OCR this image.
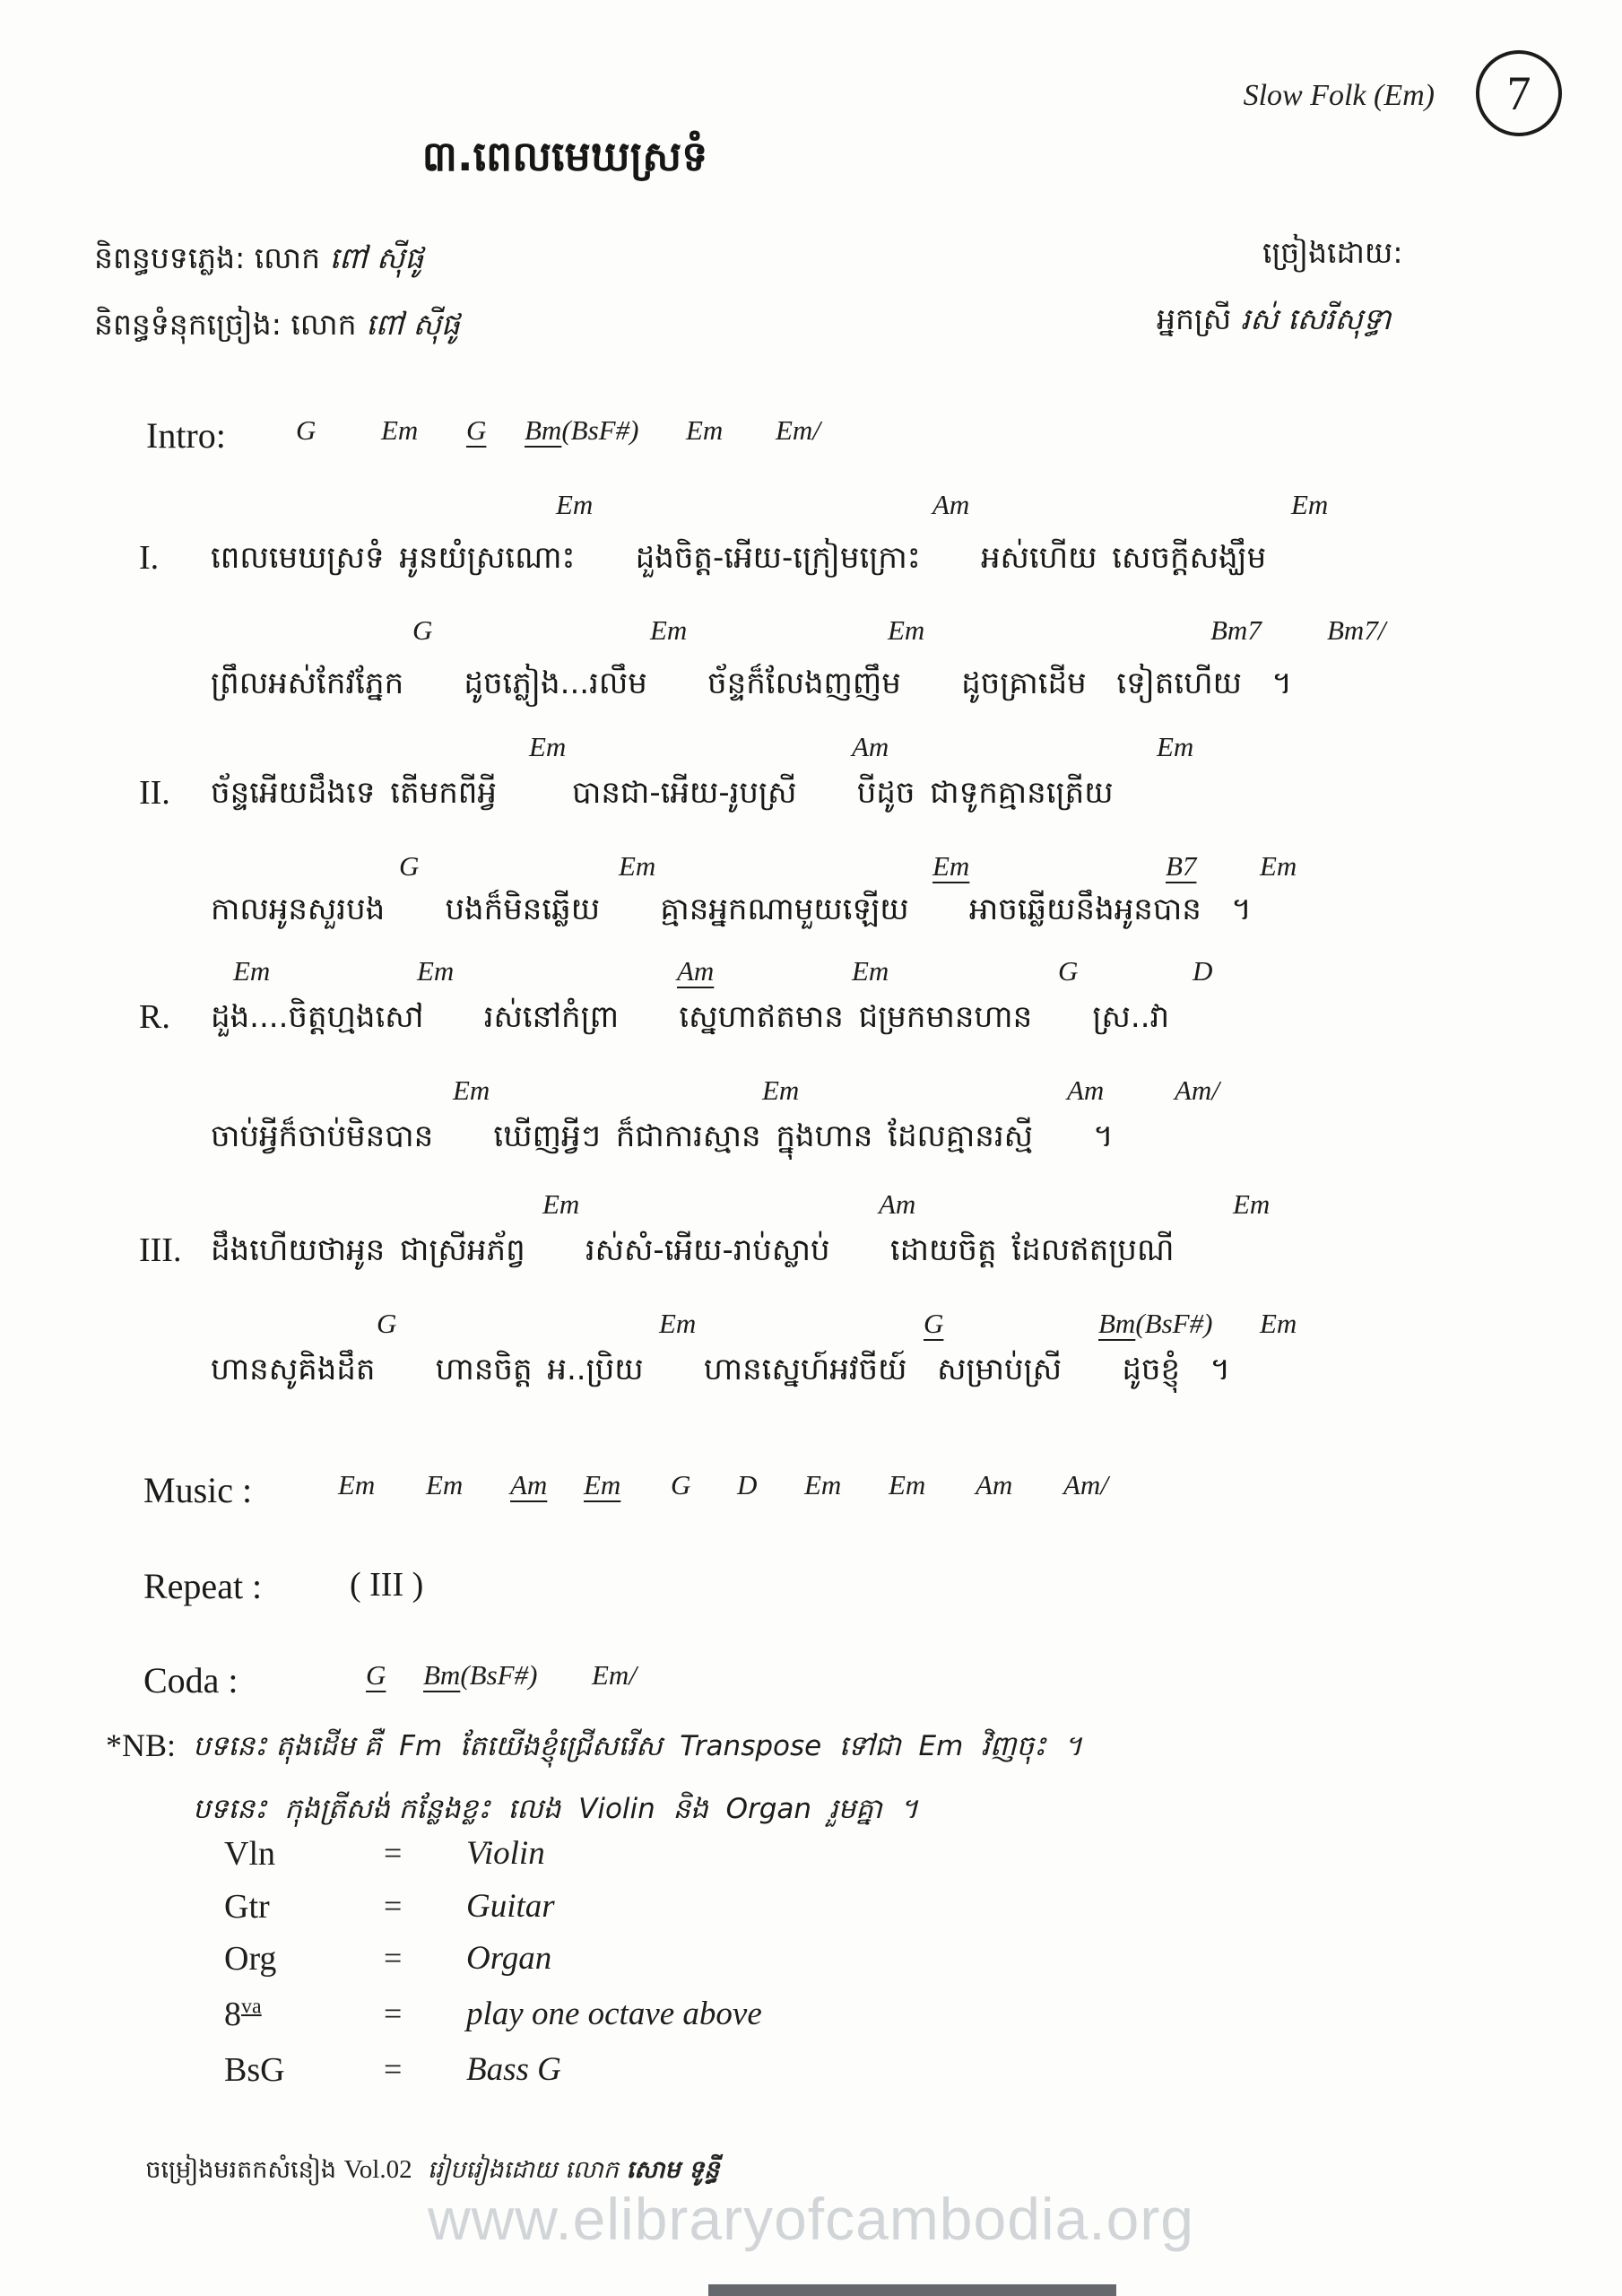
Slow Folk (Em)	7
៣.ពេលមេឃស្រទំ
និពន្ធបទភ្លេង: លោក ពៅ ស៊ីផូ
និពន្ធទំនុកច្រៀង: លោក ពៅ ស៊ីផូ
ច្រៀងដោយ:
អ្នកស្រី រស់ សេរីសុទ្ធា
Intro:	G Em G Bm(BsF#) Em Em/
Em	Am	Em
I. ពេលមេឃស្រទំ អូនយំស្រណោះ    ដួងចិត្ត-អើយ-ក្រៀមក្រោះ    អស់ហើយ សេចក្ដីសង្ឃឹម
G	Em	Em	Bm7 Bm7/
ព្រឹលអស់កែវភ្នែក    ដូចភ្លៀង...រលឹម    ច័ន្ទក៏លែងញញឹម    ដូចគ្រាដើម  ទៀតហើយ  ។
Em	Am	Em
II. ច័ន្ទអើយដឹងទេ តើមកពីអ្វី     បានជា-អើយ-រូបស្រី    បីដូច ជាទូកគ្មានត្រើយ
G	Em	Em	B7 Em
កាលអូនសួរបង    បងក៏មិនឆ្លើយ    គ្មានអ្នកណាមួយឡើយ    អាចឆ្លើយនឹងអូនបាន  ។
Em	Em	Am	Em	G	D
R. ដួង....ចិត្តហ្មងសៅ    រស់នៅកំព្រា    ស្នេហាឥតមាន ជម្រកមានហាន    ស្រ..វា
Em	Em	Am	Am/
ចាប់អ្វីក៏ចាប់មិនបាន    ឃើញអ្វីៗ ក៏ជាការស្មាន ក្នុងហាន ដែលគ្មានរស្មី    ។
Em	Am	Em
III. ដឹងហើយថាអូន ជាស្រីអភ័ព្វ    រស់សំ-អើយ-រាប់ស្លាប់    ដោយចិត្ត ដែលឥតប្រណី
G	Em	G	Bm(BsF#) Em
ហានសូគិងដឹត    ហានចិត្ត អ..ប្រិយ    ហានស្នេហ៍អវចីយ៍  សម្រាប់ស្រី    ដូចខ្ញុំ  ។
Music :	Em Em Am Em G D Em Em Am Am/
Repeat :	( III )
Coda :	G Bm(BsF#) Em/
*NB: បទនេះ តុងដើម គឺ  Fm  តែយើងខ្ញុំជ្រើសរើស  Transpose  ទៅជា  Em  វិញចុះ  ។
បទនេះ  កុងត្រីសង់ កន្លែងខ្លះ  លេង  Violin  និង  Organ  រួមគ្នា  ។
Vln	= Violin
Gtr	= Guitar
Org	= Organ
$8^{va}$	= play one octave above
BsG	= Bass G

ចម្រៀងមរតកសំនៀង Vol.02  រៀបរៀងដោយ លោក សោម ទូន្ធី

www.elibraryofcambodia.org
